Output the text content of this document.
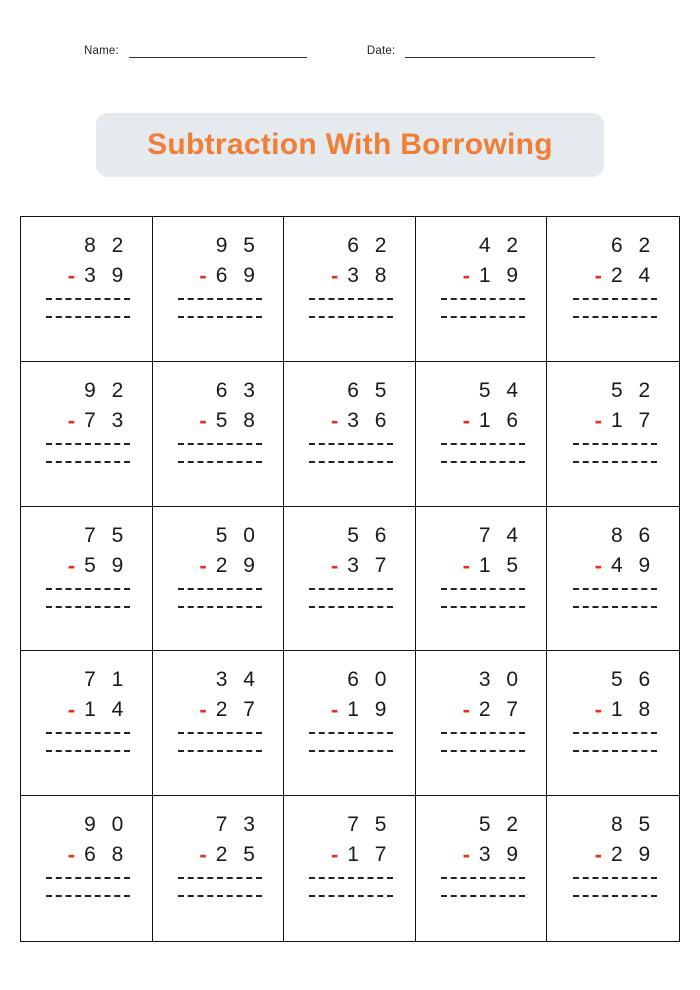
Name:	Date:
Subtraction With Borrowing
8 2
- 3 9
9 5
- 6 9
6 2
- 3 8
4 2
- 1 9
6 2
- 2 4
9 2
- 7 3
6 3
- 5 8
6 5
- 3 6
5 4
- 1 6
5 2
- 1 7
7 5
- 5 9
5 0
- 2 9
5 6
- 3 7
7 4
- 1 5
8 6
- 4 9
7 1
- 1 4
3 4
- 2 7
6 0
- 1 9
3 0
- 2 7
5 6
- 1 8
9 0
- 6 8
7 3
- 2 5
7 5
- 1 7
5 2
- 3 9
8 5
- 2 9
